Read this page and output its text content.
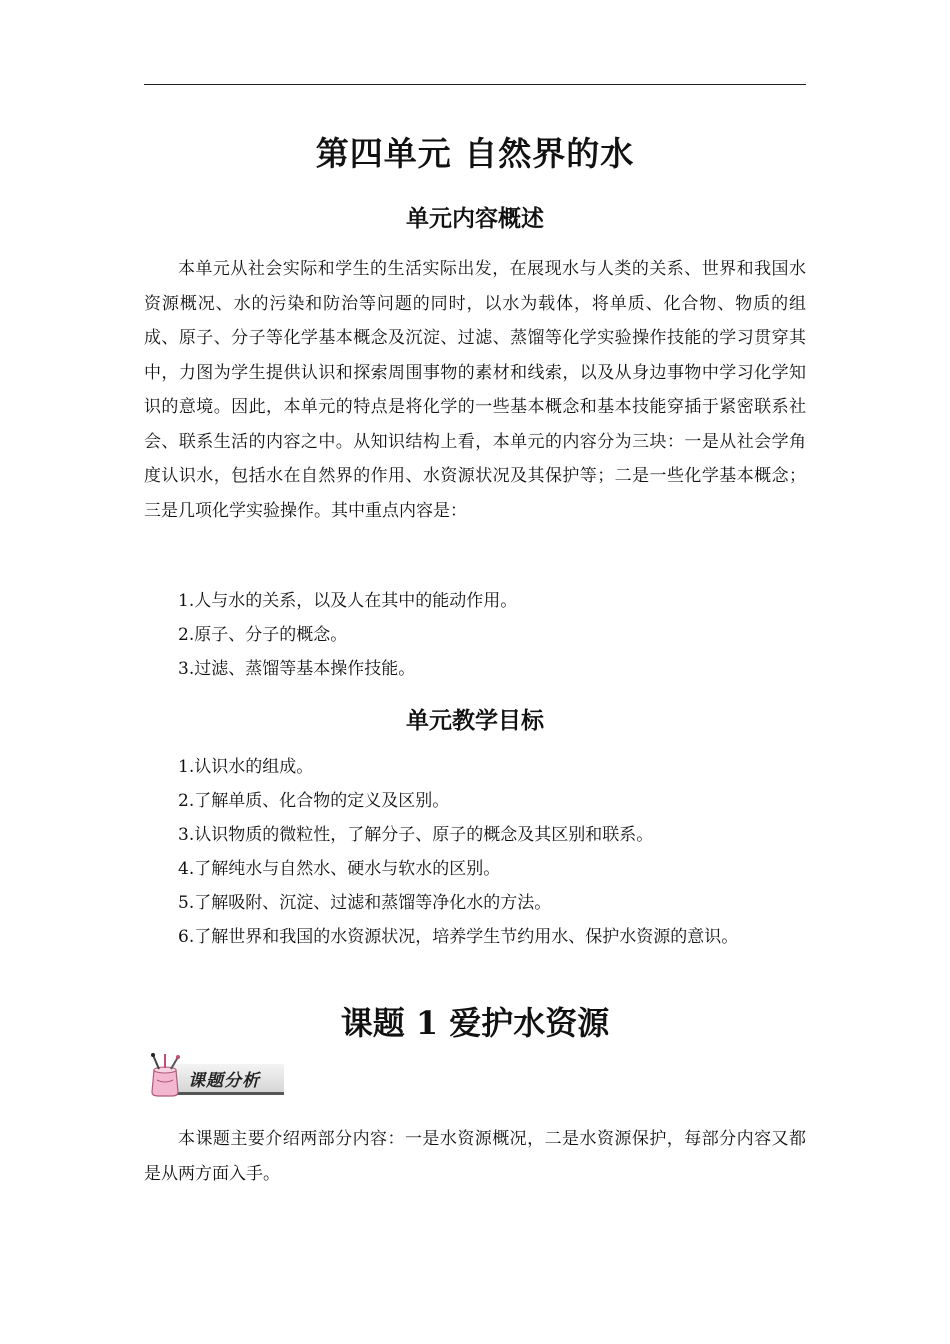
第四单元 自然界的水
单元内容概述

本单元从社会实际和学生的生活实际出发，在展现水与人类的关系、世界和我国水资源概况、水的污染和防治等问题的同时，以水为载体，将单质、化合物、物质的组成、原子、分子等化学基本概念及沉淀、过滤、蒸馏等化学实验操作技能的学习贯穿其中，力图为学生提供认识和探索周围事物的素材和线索，以及从身边事物中学习化学知识的意境。因此，本单元的特点是将化学的一些基本概念和基本技能穿插于紧密联系社会、联系生活的内容之中。从知识结构上看，本单元的内容分为三块：一是从社会学角度认识水，包括水在自然界的作用、水资源状况及其保护等；二是一些化学基本概念；三是几项化学实验操作。其中重点内容是：

1.人与水的关系，以及人在其中的能动作用。
2.原子、分子的概念。
3.过滤、蒸馏等基本操作技能。
单元教学目标
1.认识水的组成。
2.了解单质、化合物的定义及区别。
3.认识物质的微粒性，了解分子、原子的概念及其区别和联系。
4.了解纯水与自然水、硬水与软水的区别。
5.了解吸附、沉淀、过滤和蒸馏等净化水的方法。
6.了解世界和我国的水资源状况，培养学生节约用水、保护水资源的意识。
课题 1 爱护水资源
课题分析

本课题主要介绍两部分内容：一是水资源概况，二是水资源保护，每部分内容又都是从两方面入手。
